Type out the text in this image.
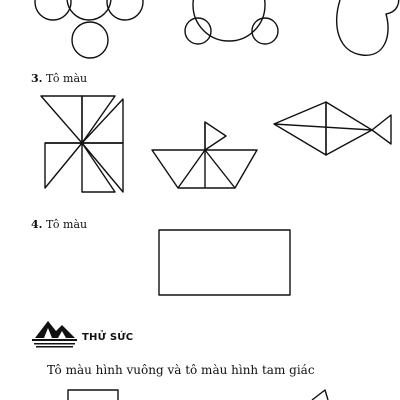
3. Tô màu
4. Tô màu
THỬ SỨC
Tô màu hình vuông và tô màu hình tam giác
